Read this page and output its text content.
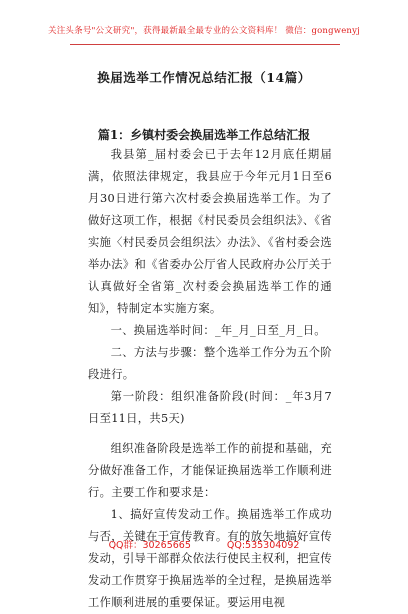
关注头条号"公文研究"，获得最新最全最专业的公文资料库！ 微信：gongwenyj
换届选举工作情况总结汇报（14篇）
篇1：乡镇村委会换届选举工作总结汇报

我县第_届村委会已于去年12月底任期届满，依照法律规定，我县应于今年元月1日至6月30日进行第六次村委会换届选举工作。为了做好这项工作，根据《村民委员会组织法》、《省实施〈村民委员会组织法〉办法》、《省村委会选举办法》和《省委办公厅省人民政府办公厅关于认真做好全省第_次村委会换届选举工作的通知》，特制定本实施方案。

一、换届选举时间：_年_月_日至_月_日。

二、方法与步骤：整个选举工作分为五个阶段进行。

第一阶段：组织准备阶段(时间：_年3月7日至11日，共5天)

组织准备阶段是选举工作的前提和基础，充分做好准备工作，才能保证换届选举工作顺利进行。主要工作和要求是：

1、搞好宣传发动工作。换届选举工作成功与否，关键在于宣传教育。有的放矢地搞好宣传发动，引导干部群众依法行使民主权利，把宣传发动工作贯穿于换届选举的全过程，是换届选举工作顺利进展的重要保证。要运用电视

QQ群：30265665	QQ:535304092
